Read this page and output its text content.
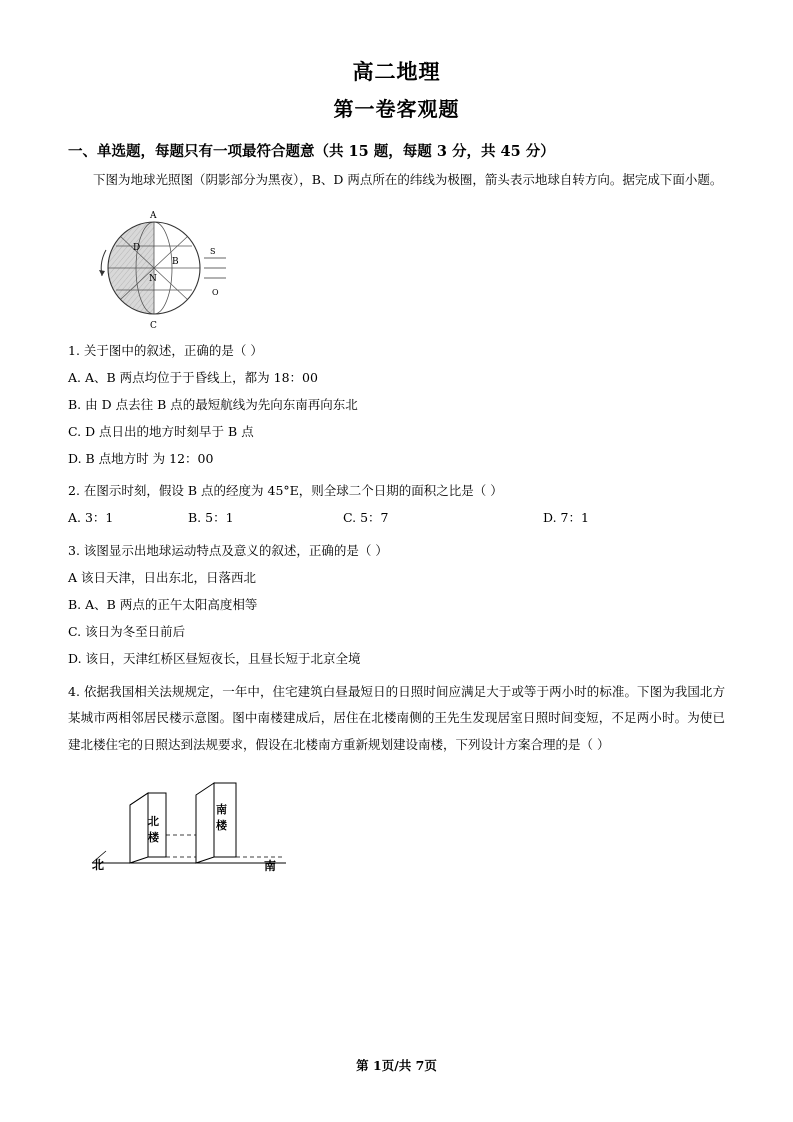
高二地理
第一卷客观题
一、单选题，每题只有一项最符合题意（共 15 题，每题 3 分，共 45 分）

下图为地球光照图（阴影部分为黑夜），B、D 两点所在的纬线为极圈，箭头表示地球自转方向。据完成下面小题。

A
B
C
D
N
S
O
1. 关于图中的叙述，正确的是（ ）
A. A、B 两点均位于于昏线上，都为 18：00
B. 由 D 点去往 B 点的最短航线为先向东南再向东北
C. D 点日出的地方时刻早于 B 点
D. B 点地方时 为 12：00
2. 在图示时刻，假设 B 点的经度为 45°E，则全球二个日期的面积之比是（ ）
A. 3：1	B. 5：1	C. 5：7	D. 7：1
3. 该图显示出地球运动特点及意义的叙述，正确的是（ ）
A 该日天津，日出东北，日落西北
B. A、B 两点的正午太阳高度相等
C. 该日为冬至日前后
D. 该日，天津红桥区昼短夜长，且昼长短于北京全境
4. 依据我国相关法规规定，一年中，住宅建筑白昼最短日的日照时间应满足大于或等于两小时的标准。下图为我国北方某城市两相邻居民楼示意图。图中南楼建成后，居住在北楼南侧的王先生发现居室日照时间变短，不足两小时。为使已建北楼住宅的日照达到法规要求，假设在北楼南方重新规划建设南楼，下列设计方案合理的是（ ）
北
楼
南
楼
北	南
第 1页/共 7页
